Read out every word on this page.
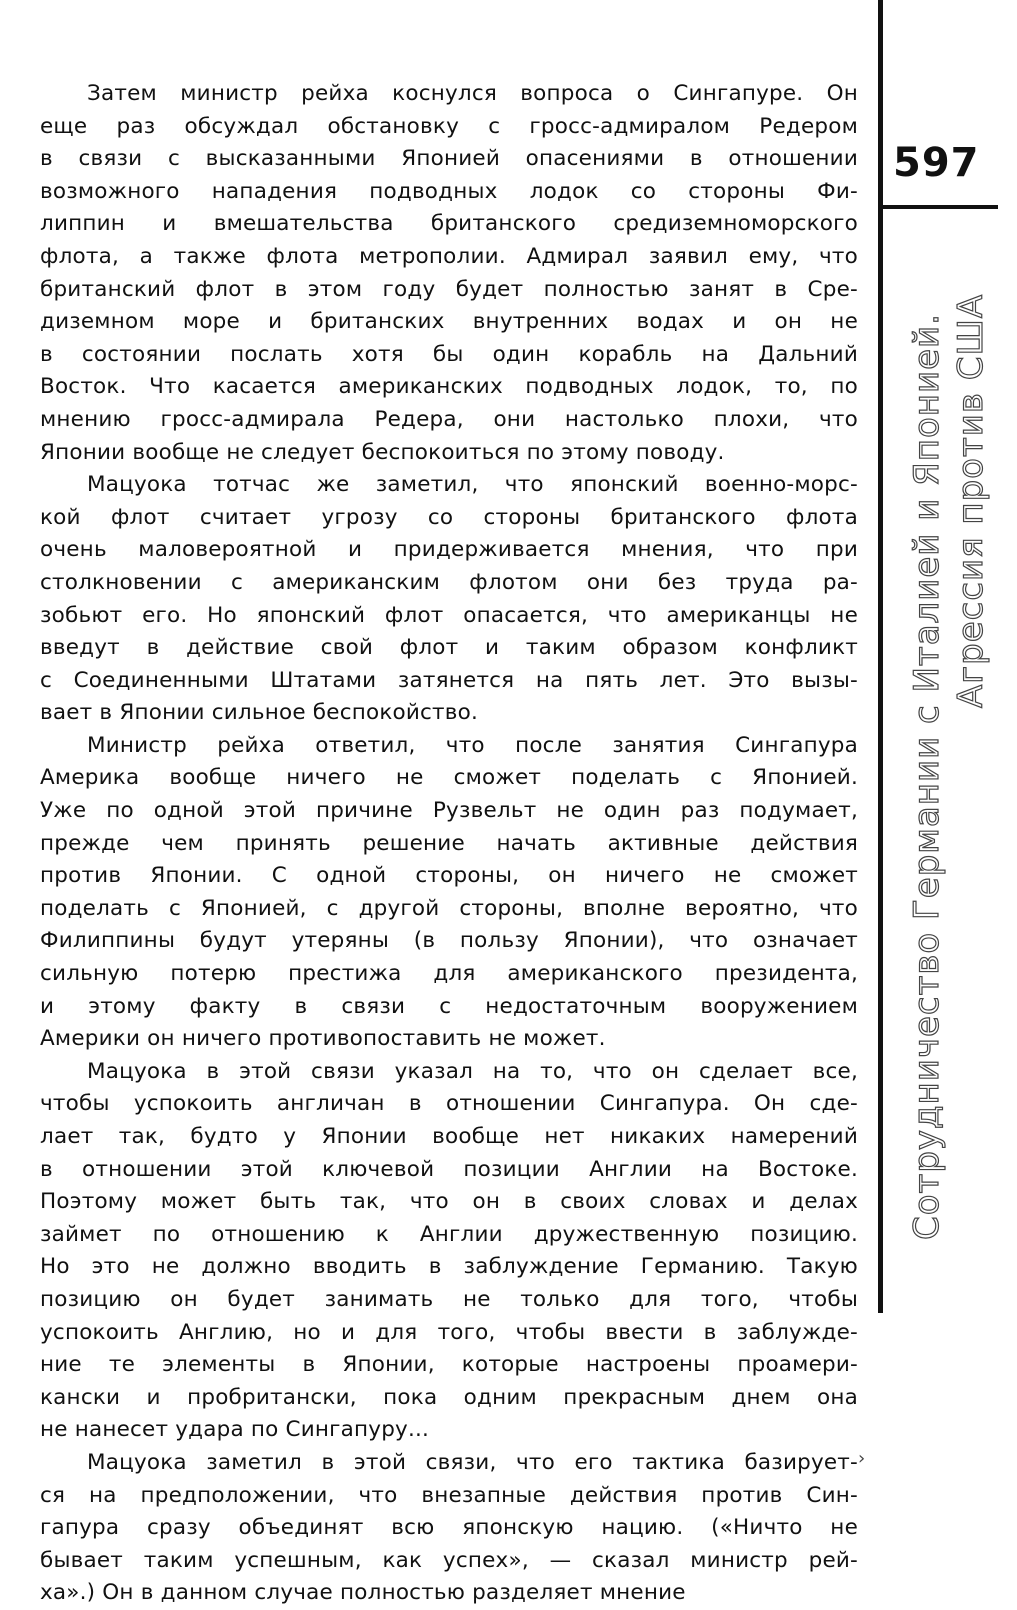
Затем министр рейха коснулся вопроса о Сингапуре. Он
еще раз обсуждал обстановку с гросс-адмиралом Редером
в связи с высказанными Японией опасениями в отношении
возможного нападения подводных лодок со стороны Фи-
липпин и вмешательства британского средиземноморского
флота, а также флота метрополии. Адмирал заявил ему, что
британский флот в этом году будет полностью занят в Сре-
диземном море и британских внутренних водах и он не
в состоянии послать хотя бы один корабль на Дальний
Восток. Что касается американских подводных лодок, то, по
мнению гросс-адмирала Редера, они настолько плохи, что
Японии вообще не следует беспокоиться по этому поводу.
Мацуока тотчас же заметил, что японский военно-морс-
кой флот считает угрозу со стороны британского флота
очень маловероятной и придерживается мнения, что при
столкновении с американским флотом они без труда ра-
зобьют его. Но японский флот опасается, что американцы не
введут в действие свой флот и таким образом конфликт
с Соединенными Штатами затянется на пять лет. Это вызы-
вает в Японии сильное беспокойство.
Министр рейха ответил, что после занятия Сингапура
Америка вообще ничего не сможет поделать с Японией.
Уже по одной этой причине Рузвельт не один раз подумает,
прежде чем принять решение начать активные действия
против Японии. С одной стороны, он ничего не сможет
поделать с Японией, с другой стороны, вполне вероятно, что
Филиппины будут утеряны (в пользу Японии), что означает
сильную потерю престижа для американского президента,
и этому факту в связи с недостаточным вооружением
Америки он ничего противопоставить не может.
Мацуока в этой связи указал на то, что он сделает все,
чтобы успокоить англичан в отношении Сингапура. Он сде-
лает так, будто у Японии вообще нет никаких намерений
в отношении этой ключевой позиции Англии на Востоке.
Поэтому может быть так, что он в своих словах и делах
займет по отношению к Англии дружественную позицию.
Но это не должно вводить в заблуждение Германию. Такую
позицию он будет занимать не только для того, чтобы
успокоить Англию, но и для того, чтобы ввести в заблужде-
ние те элементы в Японии, которые настроены проамери-
кански и пробритански, пока одним прекрасным днем она
не нанесет удара по Сингапуру...
Мацуока заметил в этой связи, что его тактика базирует-
ся на предположении, что внезапные действия против Син-
гапура сразу объединят всю японскую нацию. («Ничто не
бывает таким успешным, как успех», — сказал министр рей-
ха».) Он в данном случае полностью разделяет мнение
597
Сотрудничество Германии с Италией и Японией. Агрессия против США
›
